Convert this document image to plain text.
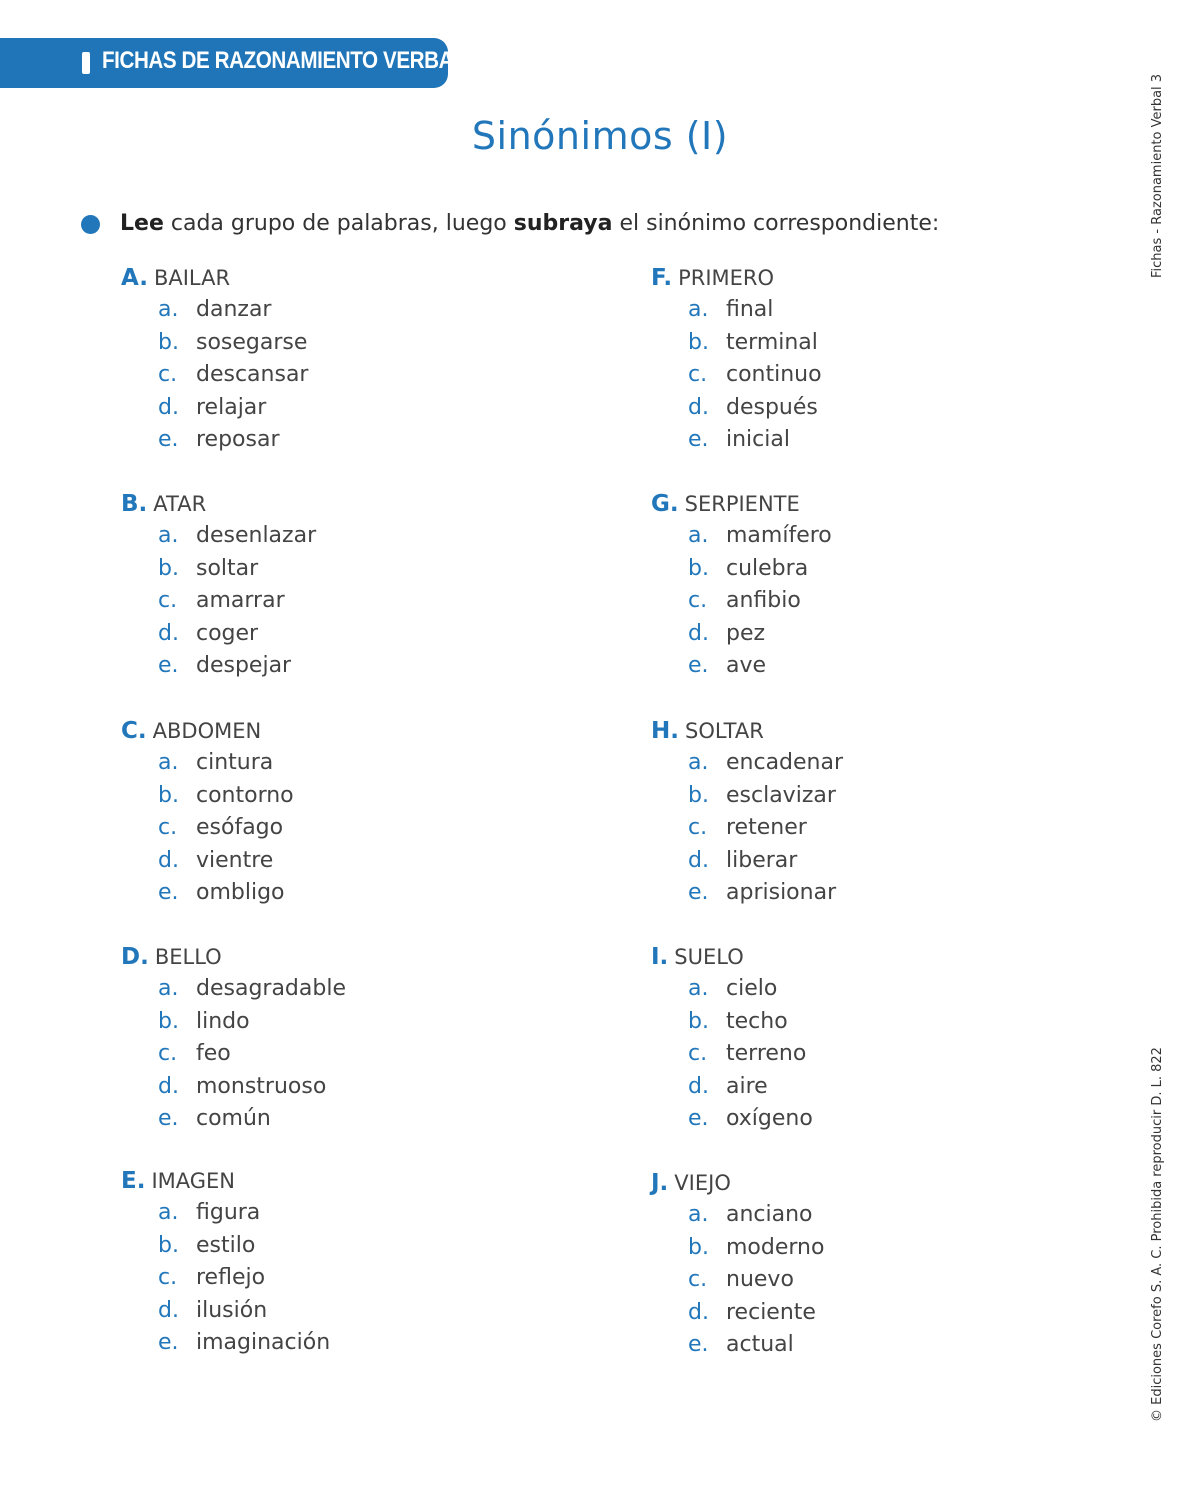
FICHAS DE RAZONAMIENTO VERBAL
Sinónimos (I)
Lee cada grupo de palabras, luego subraya el sinónimo correspondiente:
A. BAILAR
a. danzar
b. sosegarse
c. descansar
d. relajar
e. reposar
B. ATAR
a. desenlazar
b. soltar
c. amarrar
d. coger
e. despejar
C. ABDOMEN
a. cintura
b. contorno
c. esófago
d. vientre
e. ombligo
D. BELLO
a. desagradable
b. lindo
c. feo
d. monstruoso
e. común
E. IMAGEN
a. figura
b. estilo
c. reflejo
d. ilusión
e. imaginación
F. PRIMERO
a. final
b. terminal
c. continuo
d. después
e. inicial
G. SERPIENTE
a. mamífero
b. culebra
c. anfibio
d. pez
e. ave
H. SOLTAR
a. encadenar
b. esclavizar
c. retener
d. liberar
e. aprisionar
I. SUELO
a. cielo
b. techo
c. terreno
d. aire
e. oxígeno
J. VIEJO
a. anciano
b. moderno
c. nuevo
d. reciente
e. actual
Fichas - Razonamiento Verbal 3
© Ediciones Corefo S. A. C. Prohibida reproducir D. L. 822
